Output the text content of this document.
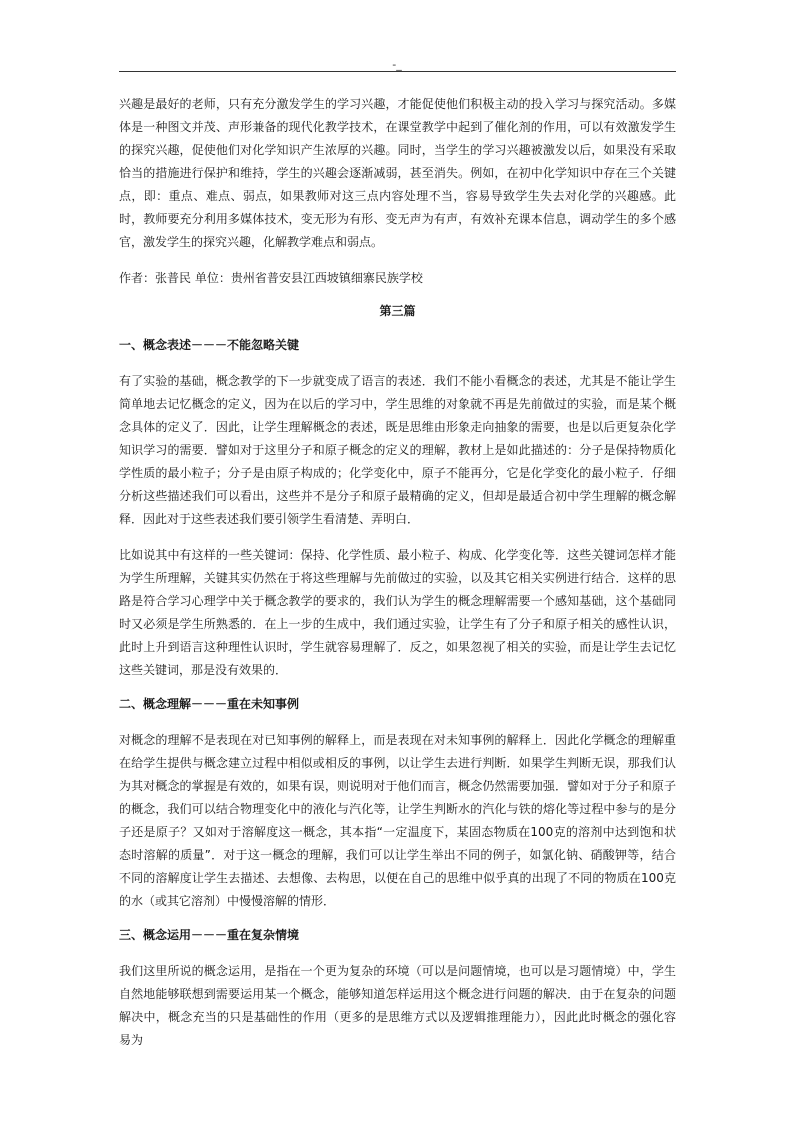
-_

兴趣是最好的老师，只有充分激发学生的学习兴趣，才能促使他们积极主动的投入学习与探究活动。多媒体是一种图文并茂、声形兼备的现代化教学技术，在课堂教学中起到了催化剂的作用，可以有效激发学生的探究兴趣，促使他们对化学知识产生浓厚的兴趣。同时，当学生的学习兴趣被激发以后，如果没有采取恰当的措施进行保护和维持，学生的兴趣会逐渐减弱，甚至消失。例如，在初中化学知识中存在三个关键点，即：重点、难点、弱点，如果教师对这三点内容处理不当，容易导致学生失去对化学的兴趣感。此时，教师要充分利用多媒体技术，变无形为有形、变无声为有声，有效补充课本信息，调动学生的多个感官，激发学生的探究兴趣，化解教学难点和弱点。

作者：张普民 单位：贵州省普安县江西坡镇细寨民族学校

第三篇
一、概念表述－－－不能忽略关键

有了实验的基础，概念教学的下一步就变成了语言的表述．我们不能小看概念的表述，尤其是不能让学生简单地去记忆概念的定义，因为在以后的学习中，学生思维的对象就不再是先前做过的实验，而是某个概念具体的定义了．因此，让学生理解概念的表述，既是思维由形象走向抽象的需要，也是以后更复杂化学知识学习的需要．譬如对于这里分子和原子概念的定义的理解，教材上是如此描述的：分子是保持物质化学性质的最小粒子；分子是由原子构成的；化学变化中，原子不能再分，它是化学变化的最小粒子．仔细分析这些描述我们可以看出，这些并不是分子和原子最精确的定义，但却是最适合初中学生理解的概念解释．因此对于这些表述我们要引领学生看清楚、弄明白．

比如说其中有这样的一些关键词：保持、化学性质、最小粒子、构成、化学变化等．这些关键词怎样才能为学生所理解，关键其实仍然在于将这些理解与先前做过的实验，以及其它相关实例进行结合．这样的思路是符合学习心理学中关于概念教学的要求的，我们认为学生的概念理解需要一个感知基础，这个基础同时又必须是学生所熟悉的．在上一步的生成中，我们通过实验，让学生有了分子和原子相关的感性认识，此时上升到语言这种理性认识时，学生就容易理解了．反之，如果忽视了相关的实验，而是让学生去记忆这些关键词，那是没有效果的．

二、概念理解－－－重在未知事例

对概念的理解不是表现在对已知事例的解释上，而是表现在对未知事例的解释上．因此化学概念的理解重在给学生提供与概念建立过程中相似或相反的事例，以让学生去进行判断．如果学生判断无误，那我们认为其对概念的掌握是有效的，如果有误，则说明对于他们而言，概念仍然需要加强．譬如对于分子和原子的概念，我们可以结合物理变化中的液化与汽化等，让学生判断水的汽化与铁的熔化等过程中参与的是分子还是原子？又如对于溶解度这一概念，其本指“一定温度下，某固态物质在100克的溶剂中达到饱和状态时溶解的质量”．对于这一概念的理解，我们可以让学生举出不同的例子，如氯化钠、硝酸钾等，结合不同的溶解度让学生去描述、去想像、去构思，以便在自己的思维中似乎真的出现了不同的物质在100克的水（或其它溶剂）中慢慢溶解的情形．

三、概念运用－－－重在复杂情境

我们这里所说的概念运用，是指在一个更为复杂的环境（可以是问题情境，也可以是习题情境）中，学生自然地能够联想到需要运用某一个概念，能够知道怎样运用这个概念进行问题的解决．由于在复杂的问题解决中，概念充当的只是基础性的作用（更多的是思维方式以及逻辑推理能力），因此此时概念的强化容易为
